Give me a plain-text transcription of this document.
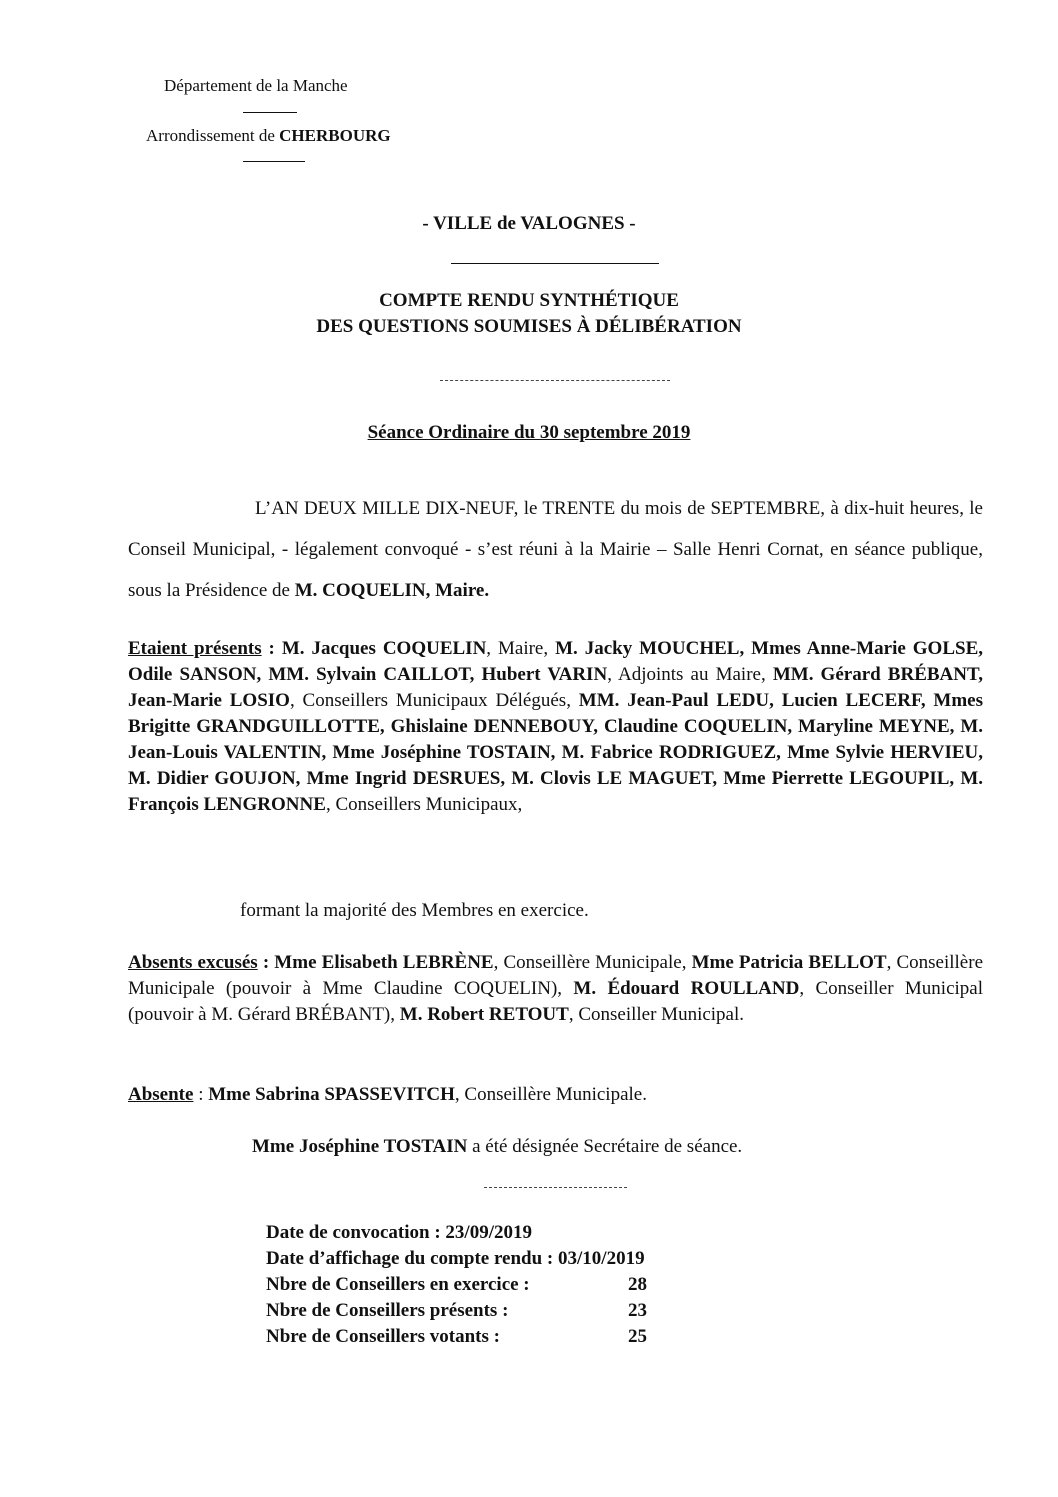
Département de la Manche
Arrondissement de CHERBOURG
- VILLE de VALOGNES -
COMPTE RENDU SYNTHÉTIQUE
DES QUESTIONS SOUMISES À DÉLIBÉRATION
Séance Ordinaire du 30 septembre 2019
L’AN DEUX MILLE DIX-NEUF, le TRENTE du mois de SEPTEMBRE, à dix-huit heures, le Conseil Municipal, - légalement convoqué - s’est réuni à la Mairie – Salle Henri Cornat, en séance publique, sous la Présidence de M. COQUELIN, Maire.
Etaient présents : M. Jacques COQUELIN, Maire, M. Jacky MOUCHEL, Mmes Anne-Marie GOLSE, Odile SANSON, MM. Sylvain CAILLOT, Hubert VARIN, Adjoints au Maire, MM. Gérard BRÉBANT, Jean-Marie LOSIO, Conseillers Municipaux Délégués, MM. Jean-Paul LEDU, Lucien LECERF, Mmes Brigitte GRANDGUILLOTTE, Ghislaine DENNEBOUY, Claudine COQUELIN, Maryline MEYNE, M. Jean-Louis VALENTIN, Mme Joséphine TOSTAIN, M. Fabrice RODRIGUEZ, Mme Sylvie HERVIEU, M. Didier GOUJON, Mme Ingrid DESRUES, M. Clovis LE MAGUET, Mme Pierrette LEGOUPIL, M. François LENGRONNE, Conseillers Municipaux,
formant la majorité des Membres en exercice.
Absents excusés : Mme Elisabeth LEBRÈNE, Conseillère Municipale, Mme Patricia BELLOT, Conseillère Municipale (pouvoir à Mme Claudine COQUELIN), M. Édouard ROULLAND, Conseiller Municipal (pouvoir à M. Gérard BRÉBANT), M. Robert RETOUT, Conseiller Municipal.
Absente : Mme Sabrina SPASSEVITCH, Conseillère Municipale.
Mme Joséphine TOSTAIN a été désignée Secrétaire de séance.
Date de convocation : 23/09/2019
Date d’affichage du compte rendu : 03/10/2019
Nbre de Conseillers en exercice :	28
Nbre de Conseillers présents :	23
Nbre de Conseillers votants :	25
